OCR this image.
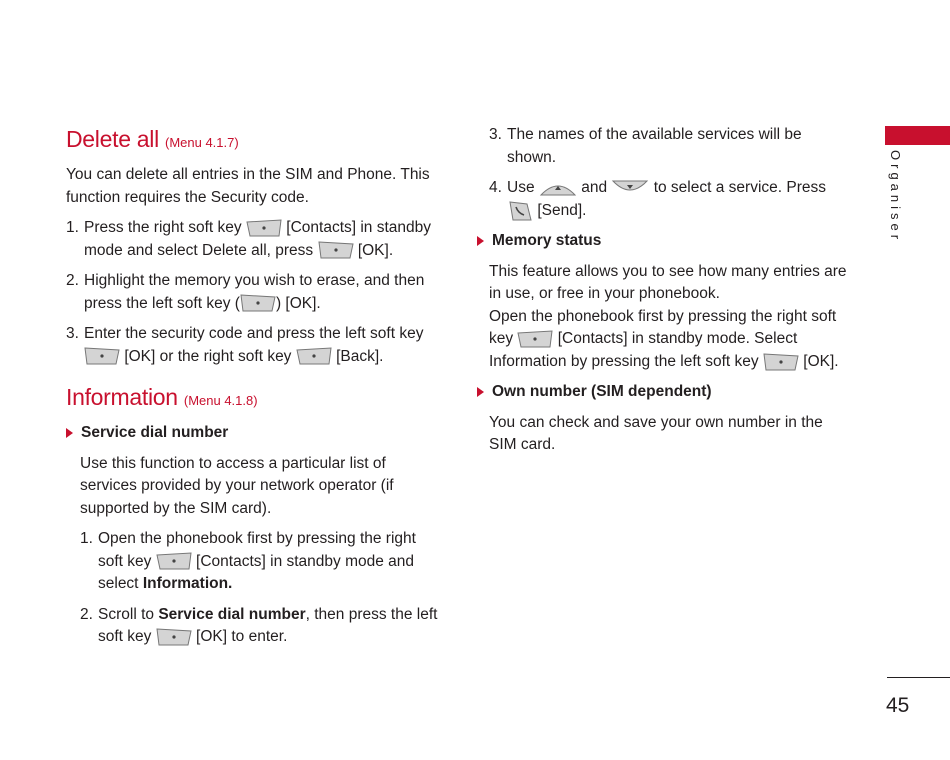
Delete all (Menu 4.1.7)

You can delete all entries in the SIM and Phone. This function requires the Security code.

1. Press the right soft key	[Contacts] in standby mode and select Delete all, press	[OK].
2. Highlight the memory you wish to erase, and then press the left soft key ( ) [OK].
3. Enter the security code and press the left soft key
[OK] or the right soft key	[Back].
Information (Menu 4.1.8)
Service dial number

Use this function to access a particular list of services provided by your network operator (if supported by the SIM card).

1. Open the phonebook first by pressing the right soft key	[Contacts] in standby mode and select Information.
2. Scroll to Service dial number, then press the left soft key	[OK] to enter.
3. The names of the available services will be shown.
4. Use	and	to select a service. Press
[Send].
Memory status

This feature allows you to see how many entries are in use, or free in your phonebook.

Open the phonebook first by pressing the right soft key	[Contacts] in standby mode. Select Information by pressing the left soft key	[OK].

Own number (SIM dependent)

You can check and save your own number in the SIM card.

Organiser
45
